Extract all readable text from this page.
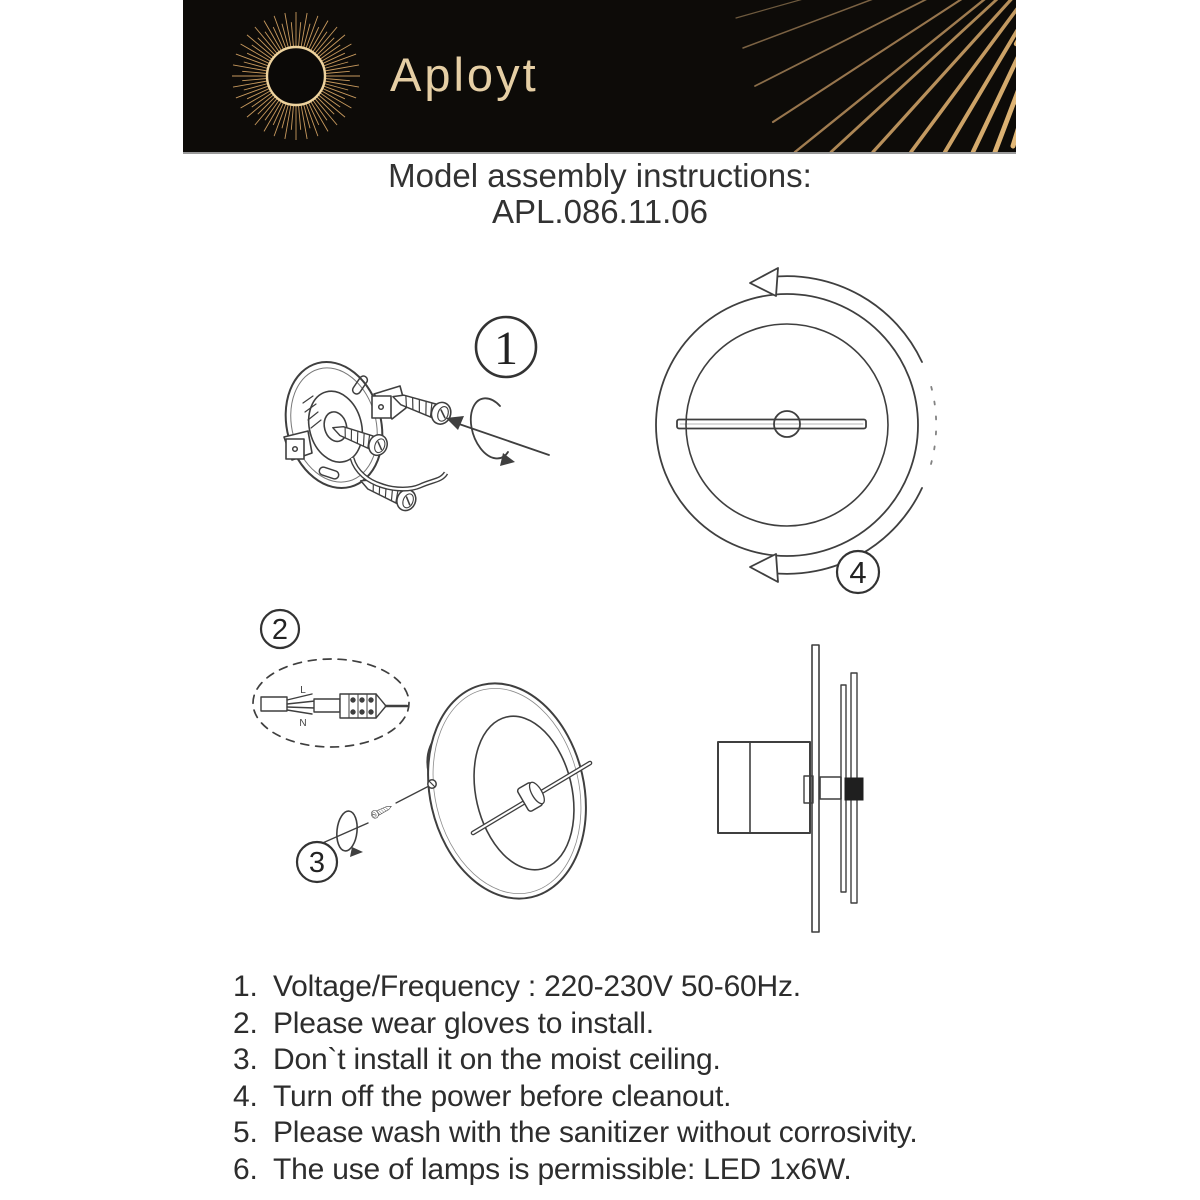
Aployt
Model assembly instructions:
APL.086.11.06
1
4
2
L
N
3
1. Voltage/Frequency : 220-230V 50-60Hz.
2. Please wear gloves to install.
3. Don`t install it on the moist ceiling.
4. Turn off the power before cleanout.
5. Please wash with the sanitizer without corrosivity.
6. The use of lamps is permissible: LED 1x6W.
